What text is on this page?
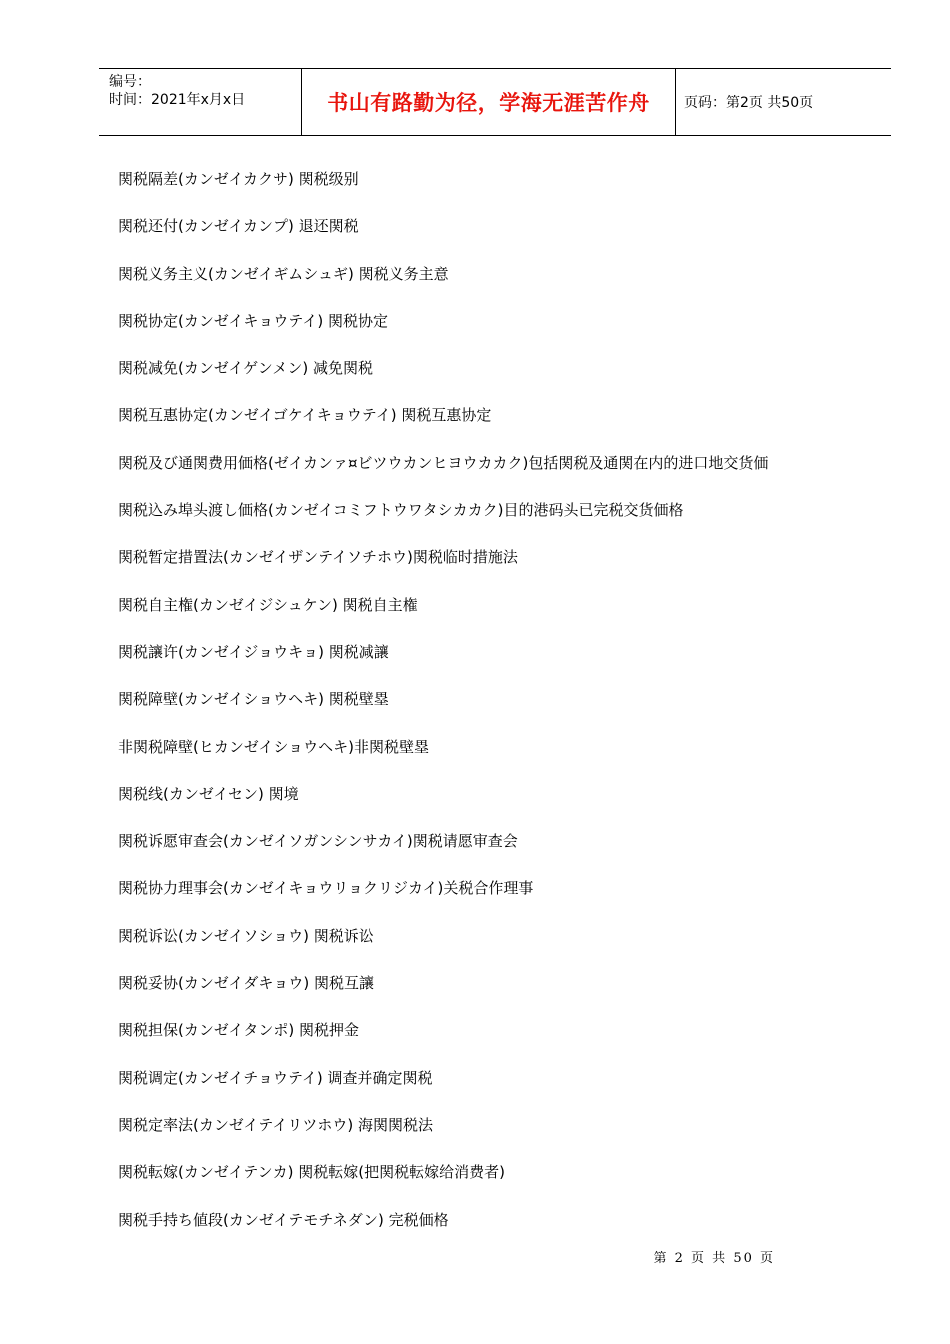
编号：
时间：2021年x月x日	书山有路勤为径，学海无涯苦作舟	页码：第2页 共50页
関税隔差(カンゼイカクサ) 関税级别
関税还付(カンゼイカンプ) 退还関税
関税义务主义(カンゼイギムシュギ) 関税义务主意
関税协定(カンゼイキョウテイ) 関税协定
関税减免(カンゼイゲンメン) 减免関税
関税互惠协定(カンゼイゴケイキョウテイ) 関税互惠协定
関税及び通関费用価格(ゼイカンァ¤ビツウカンヒヨウカカク)包括関税及通関在内的进口地交货価
関税込み埠头渡し価格(カンゼイコミフトウワタシカカク)目的港码头已完税交货価格
関税暂定措置法(カンゼイザンテイソチホウ)関税临时措施法
関税自主権(カンゼイジシュケン) 関税自主権
関税讓许(カンゼイジョウキョ) 関税减讓
関税障壁(カンゼイショウヘキ) 関税壁塁
非関税障壁(ヒカンゼイショウヘキ)非関税壁塁
関税线(カンゼイセン) 関境
関税诉愿审查会(カンゼイソガンシンサカイ)関税请愿审查会
関税协力理事会(カンゼイキョウリョクリジカイ)关税合作理事
関税诉讼(カンゼイソショウ) 関税诉讼
関税妥协(カンゼイダキョウ) 関税互讓
関税担保(カンゼイタンポ) 関税押金
関税调定(カンゼイチョウテイ) 调查并确定関税
関税定率法(カンゼイテイリツホウ) 海関関税法
関税転嫁(カンゼイテンカ) 関税転嫁(把関税転嫁给消费者)
関税手持ち値段(カンゼイテモチネダン) 完税価格
第 2 页 共 50 页
